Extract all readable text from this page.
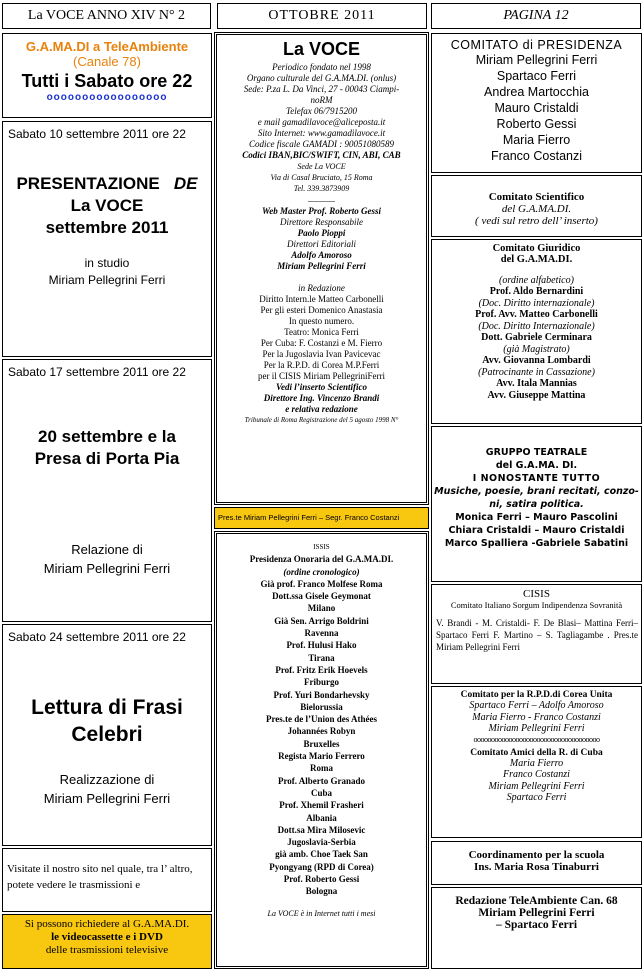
La VOCE ANNO XIV N° 2	OTTOBRE 2011	PAGINA 12
G.A.MA.DI a TeleAmbiente
(Canale 78)
Tutti i Sabato ore 22
ooooooooooooooooo
Sabato 10 settembre 2011 ore 22
PRESENTAZIONE DE
La VOCE
settembre 2011
in studio
Miriam Pellegrini Ferri
Sabato 17 settembre 2011 ore 22
20 settembre e la
Presa di Porta Pia
Relazione di
Miriam Pellegrini Ferri
Sabato 24 settembre 2011 ore 22
Lettura di Frasi
Celebri
Realizzazione di
Miriam Pellegrini Ferri
Visitate il nostro sito nel quale, tra l’ altro, potete vedere le trasmissioni e
Si possono richiedere al G.A.MA.DI.
le videocassette e i DVD
delle trasmissioni televisive
La VOCE
Periodico fondato nel 1998
Organo culturale del G.A.MA.DI. (onlus)
Sede: P.za L. Da Vinci, 27 - 00043 Ciampi-
noRM
Telefax 06/7915200
e mail gamadilavoce@aliceposta.it
Sito Internet: www.gamadilavoce.it
Codice fiscale GAMADI : 90051080589
Codici IBAN,BIC/SWIFT, CIN, ABI, CAB
Sede La VOCE
Via di Casal Bruciato, 15 Roma
Tel. 339.3873909
______
Web Master Prof. Roberto Gessi
Direttore Responsabile
Paolo Pioppi
Direttori Editoriali
Adolfo Amoroso
Miriam Pellegrini Ferri
in Redazione
Diritto Intern.le Matteo Carbonelli
Per gli esteri Domenico Anastasia
In questo numero.
Teatro: Monica Ferri
Per Cuba: F. Costanzi e M. Fierro
Per la Jugoslavia Ivan Pavicevac
Per la R.P.D. di Corea M.P.Ferri
per il CISIS Miriam PellegriniFerri
Vedi l’inserto Scientifico
Direttore Ing. Vincenzo Brandi
e relativa redazione
Tribunale di Roma Registrazione del 5 agosto 1998 N°
Pres.te Miriam Pellegrini Ferri – Segr. Franco Costanzi
ISSIS
Presidenza Onoraria del G.A.MA.DI.
(ordine cronologico)
Già prof. Franco Molfese Roma
Dott.ssa Gisele Geymonat
Milano
Già Sen. Arrigo Boldrini
Ravenna
Prof. Hulusi Hako
Tirana
Prof. Fritz Erik Hoevels
Friburgo
Prof. Yuri Bondarhevsky
Bielorussia
Pres.te de l’Union des Athées
Johannées Robyn
Bruxelles
Regista Mario Ferrero
Roma
Prof. Alberto Granado
Cuba
Prof. Xhemil Frasheri
Albania
Dott.sa Mira Milosevic
Jugoslavia-Serbia
già amb. Choe Taek San
Pyongyang (RPD di Corea)
Prof. Roberto Gessi
Bologna
La VOCE è in Internet tutti i mesi
COMITATO di PRESIDENZA
Miriam Pellegrini Ferri
Spartaco Ferri
Andrea Martocchia
Mauro Cristaldi
Roberto Gessi
Maria Fierro
Franco Costanzi
Comitato Scientifico
del G.A.MA.DI.
( vedi sul retro dell’ inserto)
Comitato Giuridico
del G.A.MA.DI.
(ordine alfabetico)
Prof. Aldo Bernardini
(Doc. Diritto internazionale)
Prof. Avv. Matteo Carbonelli
(Doc. Diritto Internazionale)
Dott. Gabriele Cerminara
(già Magistrato)
Avv. Giovanna Lombardi
(Patrocinante in Cassazione)
Avv. Itala Mannias
Avv. Giuseppe Mattina
GRUPPO TEATRALE
del G.A.MA. DI.
I NONOSTANTE TUTTO
Musiche, poesie, brani recitati, conzo-
ni, satira politica.
Monica Ferri – Mauro Pascolini
Chiara Cristaldi – Mauro Cristaldi
Marco Spalliera -Gabriele Sabatini
CISIS
Comitato Italiano Sorgum Indipendenza Sovranità
V. Brandi - M. Cristaldi- F. De Blasi– Mattina Ferri– Spartaco Ferri F. Martino – S. Tagliagambe . Pres.te Miriam Pellegrini Ferri
Comitato per la R.P.D.di Corea Unita
Spartaco Ferri – Adolfo Amoroso
Maria Fierro - Franco Costanzi
Miriam Pellegrini Ferri
oooooooooooooooooooooooooooooooooooo
Comitato Amici della R. di Cuba
Maria Fierro
Franco Costanzi
Miriam Pellegrini Ferri
Spartaco Ferri
Coordinamento per la scuola
Ins. Maria Rosa Tinaburri
Redazione TeleAmbiente Can. 68
Miriam Pellegrini Ferri
– Spartaco Ferri
